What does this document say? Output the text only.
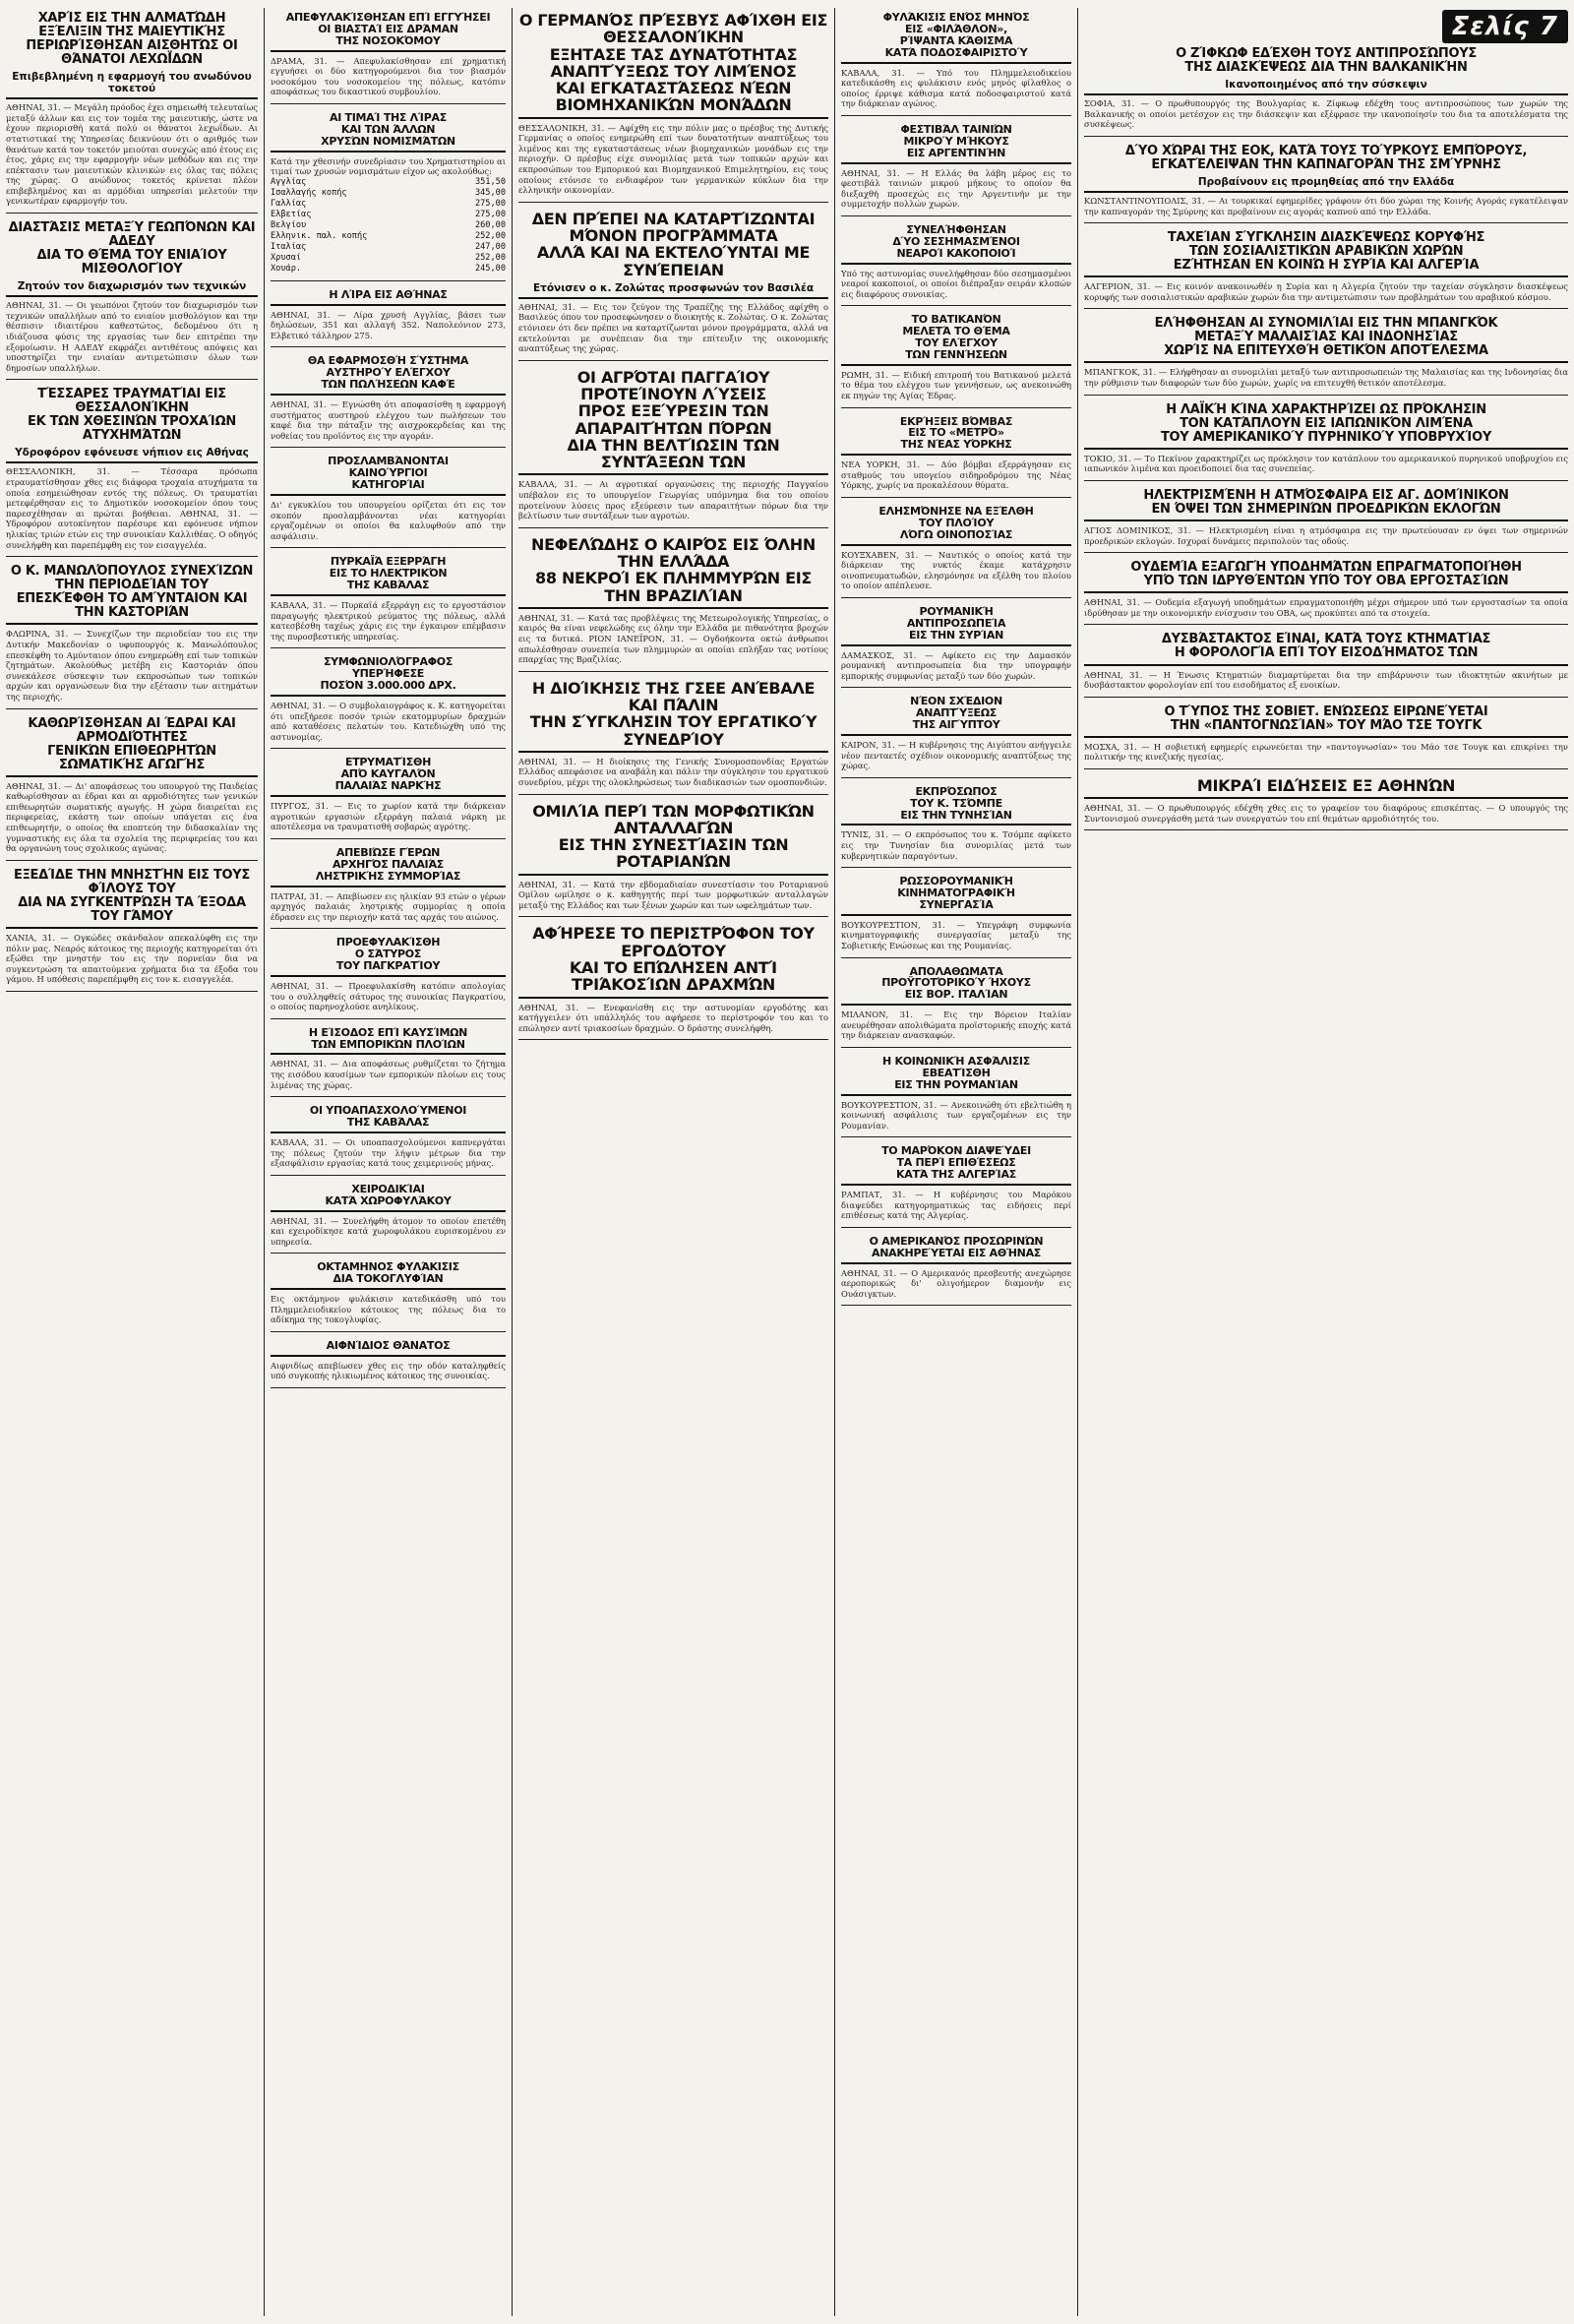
ΧΑΡΊΣ ΕΙΣ ΤΗΝ ΑΛΜΑΤΏΔΗ ΕΞΈΛΙΞΙΝ ΤΗΣ ΜΑΙΕΥΤΙΚΉΣ
ΠΕΡΙΩΡΊΣΘΗΣΑΝ ΑΙΣΘΗΤΏΣ ΟΙ ΘΆΝΑΤΟΙ ΛΕΧΩΪ́ΔΩΝ
Επιβεβλημένη η εφαρμογή του ανωδύνου τοκετού

ΑΘΗΝΑΙ, 31. — Μεγάλη πρόοδος έχει σημειωθή τελευταίως μεταξύ άλλων και εις τον τομέα της μαιευτικής, ώστε να έχουν περιορισθή κατά πολύ οι θάνατοι λεχωΐδων. Αι στατιστικαί της Υπηρεσίας δεικνύουν ότι ο αριθμός των θανάτων κατά τον τοκετόν μειούται συνεχώς από έτους εις έτος, χάρις εις την εφαρμογήν νέων μεθόδων και εις την επέκτασιν των μαιευτικών κλινικών εις όλας τας πόλεις της χώρας. Ο ανώδυνος τοκετός κρίνεται πλέον επιβεβλημένος και αι αρμόδιαι υπηρεσίαι μελετούν την γενικωτέραν εφαρμογήν του.

ΔΙΑΣΤΆΣΙΣ ΜΕΤΑΞΎ ΓΕΩΠΌΝΩΝ ΚΑΙ ΑΔΕΔΥ
ΔΙΑ ΤΟ ΘΈΜΑ ΤΟΥ ΕΝΙΑΊΟΥ ΜΙΣΘΟΛΟΓΊΟΥ
Ζητούν τον διαχωρισμόν των τεχνικών

ΑΘΗΝΑΙ, 31. — Οι γεωπόνοι ζητούν τον διαχωρισμόν των τεχνικών υπαλλήλων από το ενιαίον μισθολόγιον και την θέσπισιν ιδιαιτέρου καθεστώτος, δεδομένου ότι η ιδιάζουσα φύσις της εργασίας των δεν επιτρέπει την εξομοίωσιν. Η ΑΔΕΔΥ εκφράζει αντιθέτους απόψεις και υποστηρίζει την ενιαίαν αντιμετώπισιν όλων των δημοσίων υπαλλήλων.

ΤΈΣΣΑΡΕΣ ΤΡΑΥΜΑΤΊΑΙ ΕΙΣ ΘΕΣΣΑΛΟΝΊΚΗΝ
ΕΚ ΤΩΝ ΧΘΕΣΙΝΏΝ ΤΡΟΧΑΊΩΝ ΑΤΥΧΗΜΆΤΩΝ
Υδροφόρον εφόνευσε νήπιον εις Αθήνας

ΘΕΣΣΑΛΟΝΙΚΗ, 31. — Τέσσαρα πρόσωπα ετραυματίσθησαν χθες εις διάφορα τροχαία ατυχήματα τα οποία εσημειώθησαν εντός της πόλεως. Οι τραυματίαι μετεφέρθησαν εις το Δημοτικόν νοσοκομείον όπου τους παρεσχέθησαν αι πρώται βοήθειαι. ΑΘΗΝΑΙ, 31. — Υδροφόρον αυτοκίνητον παρέσυρε και εφόνευσε νήπιον ηλικίας τριών ετών εις την συνοικίαν Καλλιθέας. Ο οδηγός συνελήφθη και παρεπέμφθη εις τον εισαγγελέα.

Ο Κ. ΜΑΝΩΛΌΠΟΥΛΟΣ ΣΥΝΕΧΊΖΩΝ ΤΗΝ ΠΕΡΙΟΔΕΊΑΝ ΤΟΥ
ΕΠΕΣΚΈΦΘΗ ΤΟ ΑΜΎΝΤΑΙΟΝ ΚΑΙ ΤΗΝ ΚΑΣΤΟΡΙΆΝ

ΦΛΩΡΙΝΑ, 31. — Συνεχίζων την περιοδείαν του εις την Δυτικήν Μακεδονίαν ο υφυπουργός κ. Μανωλόπουλος επεσκέφθη το Αμύνταιον όπου ενημερώθη επί των τοπικών ζητημάτων. Ακολούθως μετέβη εις Καστοριάν όπου συνεκάλεσε σύσκεψιν των εκπροσώπων των τοπικών αρχών και οργανώσεων δια την εξέτασιν των αιτημάτων της περιοχής.

ΚΑΘΩΡΊΣΘΗΣΑΝ ΑΙ ΈΔΡΑΙ ΚΑΙ ΑΡΜΟΔΙΌΤΗΤΕΣ
ΓΕΝΙΚΏΝ ΕΠΙΘΕΩΡΗΤΏΝ ΣΩΜΑΤΙΚΉΣ ΑΓΩΓΉΣ

ΑΘΗΝΑΙ, 31. — Δι' αποφάσεως του υπουργού της Παιδείας καθωρίσθησαν αι έδραι και αι αρμοδιότητες των γενικών επιθεωρητών σωματικής αγωγής. Η χώρα διαιρείται εις περιφερείας, εκάστη των οποίων υπάγεται εις ένα επιθεωρητήν, ο οποίος θα εποπτεύη την διδασκαλίαν της γυμναστικής εις όλα τα σχολεία της περιφερείας του και θα οργανώνη τους σχολικούς αγώνας.

ΕΞΕΔΊΔΕ ΤΗΝ ΜΝΗΣΤΉΝ ΕΙΣ ΤΟΥΣ ΦΊΛΟΥΣ ΤΟΥ
ΔΙΑ ΝΑ ΣΥΓΚΕΝΤΡΏΣΗ ΤΑ ΈΞΟΔΑ ΤΟΥ ΓΆΜΟΥ

ΧΑΝΙΑ, 31. — Ογκώδες σκάνδαλον απεκαλύφθη εις την πόλιν μας. Νεαρός κάτοικος της περιοχής κατηγορείται ότι εξώθει την μνηστήν του εις την πορνείαν δια να συγκεντρώση τα απαιτούμενα χρήματα δια τα έξοδα του γάμου. Η υπόθεσις παρεπέμφθη εις τον κ. εισαγγελέα.

ΑΠΕΦΥΛΑΚΊΣΘΗΣΑΝ ΕΠΊ ΕΓΓΥΉΣΕΙ
ΟΙ ΒΙΑΣΤΑΊ ΕΙΣ ΔΡΆΜΑΝ
ΤΗΣ ΝΟΣΟΚΌΜΟΥ

ΔΡΑΜΑ, 31. — Απεφυλακίσθησαν επί χρηματική εγγυήσει οι δύο κατηγορούμενοι δια τον βιασμόν νοσοκόμου του νοσοκομείου της πόλεως, κατόπιν αποφάσεως του δικαστικού συμβουλίου.

ΑΙ ΤΙΜΑΊ ΤΗΣ ΛΊΡΑΣ
ΚΑΙ ΤΩΝ ΆΛΛΩΝ
ΧΡΥΣΏΝ ΝΟΜΙΣΜΆΤΩΝ

Κατά την χθεσινήν συνεδρίασιν του Χρηματιστηρίου αι τιμαί των χρυσών νομισμάτων είχον ως ακολούθως:

Αγγλίας	351,50
Ισαλλαγής κοπής	345,00
Γαλλίας	275,00
Ελβετίας	275,00
Βελγίου	260,00
Ελληνικ. παλ. κοπής	252,00
Ιταλίας	247,00
Χρυσαί	252,00
Χουάρ.	245,00
Η ΛΊΡΑ ΕΙΣ ΑΘΉΝΑΣ

ΑΘΗΝΑΙ, 31. — Λίρα χρυσή Αγγλίας, βάσει των δηλώσεων, 351 και αλλαγή 352. Ναπολεόνιον 273, Ελβετικό τάλληρον 275.

ΘΑ ΕΦΑΡΜΟΣΘΉ ΣΎΣΤΗΜΑ
ΑΥΣΤΗΡΟΎ ΕΛΈΓΧΟΥ
ΤΩΝ ΠΩΛΉΣΕΩΝ ΚΑΦΈ

ΑΘΗΝΑΙ, 31. — Εγνώσθη ότι αποφασίσθη η εφαρμογή συστήματος αυστηρού ελέγχου των πωλήσεων του καφέ δια την πάταξιν της αισχροκερδείας και της νοθείας του προϊόντος εις την αγοράν.

ΠΡΟΣΛΑΜΒΆΝΟΝΤΑΙ
ΚΑΙΝΟΎΡΓΙΟΙ
ΚΑΤΗΓΟΡΊΑΙ

Δι' εγκυκλίου του υπουργείου ορίζεται ότι εις τον σκοπόν προσλαμβάνονται νέαι κατηγορίαι εργαζομένων οι οποίοι θα καλυφθούν από την ασφάλισιν.

ΠΥΡΚΑΪΆ ΕΞΕΡΡΆΓΗ
ΕΙΣ ΤΟ ΗΛΕΚΤΡΙΚΌΝ
ΤΗΣ ΚΑΒΆΛΑΣ

ΚΑΒΑΛΑ, 31. — Πυρκαϊά εξερράγη εις το εργοστάσιον παραγωγής ηλεκτρικού ρεύματος της πόλεως, αλλά κατεσβέσθη ταχέως χάρις εις την έγκαιρον επέμβασιν της πυροσβεστικής υπηρεσίας.

ΣΥΜΦΩΝΙΟΛΌΓΡΑΦΟΣ
ΥΠΕΡΉΦΕΣΕ
ΠΟΣΌΝ 3.000.000 ΔΡΧ.

ΑΘΗΝΑΙ, 31. — Ο συμβολαιογράφος κ. Κ. κατηγορείται ότι υπεξήρεσε ποσόν τριών εκατομμυρίων δραχμών από καταθέσεις πελατών του. Κατεδιώχθη υπό της αστυνομίας.

ΕΤΡΥΜΑΤΊΣΘΗ
ΑΠΌ ΚΑΥΓΑΛΌΝ
ΠΑΛΑΙΆΣ ΝΑΡΚΉΣ

ΠΥΡΓΟΣ, 31. — Εις το χωρίον κατά την διάρκειαν αγροτικών εργασιών εξερράγη παλαιά νάρκη με αποτέλεσμα να τραυματισθή σοβαρώς αγρότης.

ΑΠΕΒΙΏΣΕ ΓΈΡΩΝ
ΑΡΧΗΓΌΣ ΠΑΛΑΙΆΣ
ΛΗΣΤΡΙΚΉΣ ΣΥΜΜΟΡΊΑΣ

ΠΑΤΡΑΙ, 31. — Απεβίωσεν εις ηλικίαν 93 ετών ο γέρων αρχηγός παλαιάς ληστρικής συμμορίας η οποία έδρασεν εις την περιοχήν κατά τας αρχάς του αιώνος.

ΠΡΟΕΦΥΛΑΚΊΣΘΗ
Ο ΣΆΤΥΡΟΣ
ΤΟΥ ΠΑΓΚΡΑΤΊΟΥ

ΑΘΗΝΑΙ, 31. — Προεφυλακίσθη κατόπιν απολογίας του ο συλληφθείς σάτυρος της συνοικίας Παγκρατίου, ο οποίος παρηνοχλούσε ανηλίκους.

Η ΕΊΣΟΔΟΣ ΕΠΊ ΚΑΥΣΊΜΩΝ
ΤΩΝ ΕΜΠΟΡΙΚΏΝ ΠΛΟΊΩΝ

ΑΘΗΝΑΙ, 31. — Δια αποφάσεως ρυθμίζεται το ζήτημα της εισόδου καυσίμων των εμπορικών πλοίων εις τους λιμένας της χώρας.

ΟΙ ΥΠΟΑΠΑΣΧΟΛΟΎΜΕΝΟΙ
ΤΗΣ ΚΑΒΆΛΑΣ

ΚΑΒΑΛΑ, 31. — Οι υποαπασχολούμενοι καπνεργάται της πόλεως ζητούν την λήψιν μέτρων δια την εξασφάλισιν εργασίας κατά τους χειμερινούς μήνας.

ΧΕΙΡΟΔΙΚΊΑΙ
ΚΑΤΆ ΧΩΡΟΦΥΛΆΚΟΥ

ΑΘΗΝΑΙ, 31. — Συνελήφθη άτομον το οποίον επετέθη και εχειροδίκησε κατά χωροφυλάκου ευρισκομένου εν υπηρεσία.

ΟΚΤΑΜΗΝΟΣ ΦΥΛΆΚΙΣΙΣ
ΔΙΑ ΤΟΚΟΓΛΥΦΊΑΝ

Εις οκτάμηνον φυλάκισιν κατεδικάσθη υπό του Πλημμελειοδικείου κάτοικος της πόλεως δια το αδίκημα της τοκογλυφίας.

ΑΙΦΝΊΔΙΟΣ ΘΆΝΑΤΟΣ

Αιφνιδίως απεβίωσεν χθες εις την οδόν καταληφθείς υπό συγκοπής ηλικιωμένος κάτοικος της συνοικίας.

Ο ΓΕΡΜΑΝΌΣ ΠΡΈΣΒΥΣ ΑΦΊΧΘΗ ΕΙΣ ΘΕΣΣΑΛΟΝΊΚΗΝ
ΕΞΗΤΑΣΕ ΤΑΣ ΔΥΝΑΤΌΤΗΤΑΣ ΑΝΑΠΤΎΞΕΩΣ ΤΟΥ ΛΙΜΈΝΟΣ
ΚΑΙ ΕΓΚΑΤΑΣΤΆΣΕΩΣ ΝΈΩΝ ΒΙΟΜΗΧΑΝΙΚΏΝ ΜΟΝΆΔΩΝ

ΘΕΣΣΑΛΟΝΙΚΗ, 31. — Αφίχθη εις την πόλιν μας ο πρέσβυς της Δυτικής Γερμανίας ο οποίος ενημερώθη επί των δυνατοτήτων αναπτύξεως του λιμένος και της εγκαταστάσεως νέων βιομηχανικών μονάδων εις την περιοχήν. Ο πρέσβυς είχε συνομιλίας μετά των τοπικών αρχών και εκπροσώπων του Εμπορικού και Βιομηχανικού Επιμελητηρίου, εις τους οποίους ετόνισε το ενδιαφέρον των γερμανικών κύκλων δια την ελληνικήν οικονομίαν.

ΔΕΝ ΠΡΈΠΕΙ ΝΑ ΚΑΤΑΡΤΊΖΩΝΤΑΙ ΜΌΝΟΝ ΠΡΟΓΡΆΜΜΑΤΑ
ΑΛΛΆ ΚΑΙ ΝΑ ΕΚΤΕΛΟΎΝΤΑΙ ΜΕ ΣΥΝΈΠΕΙΑΝ
Ετόνισεν ο κ. Ζολώτας προσφωνών τον Βασιλέα

ΑΘΗΝΑΙ, 31. — Εις τον ζεύγον της Τραπέζης της Ελλάδος αφίχθη ο Βασιλεύς όπου τον προσεφώνησεν ο διοικητής κ. Ζολώτας. Ο κ. Ζολώτας ετόνισεν ότι δεν πρέπει να καταρτίζωνται μόνον προγράμματα, αλλά να εκτελούνται με συνέπειαν δια την επίτευξιν της οικονομικής αναπτύξεως της χώρας.

ΟΙ ΑΓΡΌΤΑΙ ΠΑΓΓΑΊΟΥ ΠΡΟΤΕΊΝΟΥΝ ΛΎΣΕΙΣ
ΠΡΟΣ ΕΞΕΎΡΕΣΙΝ ΤΩΝ ΑΠΑΡΑΙΤΉΤΩΝ ΠΌΡΩΝ
ΔΙΑ ΤΗΝ ΒΕΛΤΊΩΣΙΝ ΤΩΝ ΣΥΝΤΆΞΕΩΝ ΤΩΝ

ΚΑΒΑΛΑ, 31. — Αι αγροτικαί οργανώσεις της περιοχής Παγγαίου υπέβαλον εις το υπουργείον Γεωργίας υπόμνημα δια του οποίου προτείνουν λύσεις προς εξεύρεσιν των απαραιτήτων πόρων δια την βελτίωσιν των συντάξεων των αγροτών.

ΝΕΦΕΛΏΔΗΣ Ο ΚΑΙΡΌΣ ΕΙΣ ΌΛΗΝ ΤΗΝ ΕΛΛΆΔΑ
88 ΝΕΚΡΟΊ ΕΚ ΠΛΗΜΜΥΡΏΝ ΕΙΣ ΤΗΝ ΒΡΑΖΙΛΊΑΝ

ΑΘΗΝΑΙ, 31. — Κατά τας προβλέψεις της Μετεωρολογικής Υπηρεσίας, ο καιρός θα είναι νεφελώδης εις όλην την Ελλάδα με πιθανότητα βροχών εις τα δυτικά. ΡΙΟΝ ΙΑΝΕΪΡΟΝ, 31. — Ογδοήκοντα οκτώ άνθρωποι απωλέσθησαν συνεπεία των πλημμυρών αι οποίαι επλήξαν τας νοτίους επαρχίας της Βραζιλίας.

Η ΔΙΟΊΚΗΣΙΣ ΤΗΣ ΓΣΕΕ ΑΝΈΒΑΛΕ ΚΑΙ ΠΆΛΙΝ
ΤΗΝ ΣΎΓΚΛΗΣΙΝ ΤΟΥ ΕΡΓΑΤΙΚΟΎ ΣΥΝΕΔΡΊΟΥ

ΑΘΗΝΑΙ, 31. — Η διοίκησις της Γενικής Συνομοσπονδίας Εργατών Ελλάδος απεφάσισε να αναβάλη και πάλιν την σύγκλησιν του εργατικού συνεδρίου, μέχρι της ολοκληρώσεως των διαδικασιών των ομοσπονδιών.

ΟΜΙΛΊΑ ΠΕΡΊ ΤΩΝ ΜΟΡΦΩΤΙΚΏΝ ΑΝΤΑΛΛΑΓΏΝ
ΕΙΣ ΤΗΝ ΣΥΝΕΣΤΊΑΣΙΝ ΤΩΝ ΡΟΤΑΡΙΑΝΏΝ

ΑΘΗΝΑΙ, 31. — Κατά την εβδομαδιαίαν συνεστίασιν του Ροταριανού Ομίλου ωμίλησε ο κ. καθηγητής περί των μορφωτικών ανταλλαγών μεταξύ της Ελλάδος και των ξένων χωρών και των ωφελημάτων των.

ΑΦΉΡΕΣΕ ΤΟ ΠΕΡΙΣΤΡΌΦΟΝ ΤΟΥ ΕΡΓΟΔΌΤΟΥ
ΚΑΙ ΤΟ ΕΠΏΛΗΣΕΝ ΑΝΤΊ ΤΡΙΆΚΟΣΊΩΝ ΔΡΑΧΜΏΝ

ΑΘΗΝΑΙ, 31. — Ενεφανίσθη εις την αστυνομίαν εργοδότης και κατήγγειλεν ότι υπάλληλός του αφήρεσε το περίστροφόν του και το επώλησεν αντί τριακοσίων δραχμών. Ο δράστης συνελήφθη.

ΦΥΛΆΚΙΣΙΣ ΕΝΌΣ ΜΗΝΌΣ
ΕΙΣ «ΦΙΛΆΘΛΟΝ»,
ΡΊΨΑΝΤΑ ΚΆΘΙΣΜΑ
ΚΑΤΆ ΠΟΔΟΣΦΑΙΡΙΣΤΟΎ

ΚΑΒΑΛΑ, 31. — Υπό του Πλημμελειοδικείου κατεδικάσθη εις φυλάκισιν ενός μηνός φίλαθλος ο οποίος έρριψε κάθισμα κατά ποδοσφαιριστού κατά την διάρκειαν αγώνος.

ΦΕΣΤΙΒΆΛ ΤΑΙΝΙΏΝ
ΜΙΚΡΟΎ ΜΉΚΟΥΣ
ΕΙΣ ΑΡΓΕΝΤΙΝΉΝ

ΑΘΗΝΑΙ, 31. — Η Ελλάς θα λάβη μέρος εις το φεστιβάλ ταινιών μικρού μήκους το οποίον θα διεξαχθή προσεχώς εις την Αργεντινήν με την συμμετοχήν πολλών χωρών.

ΣΥΝΕΛΉΦΘΗΣΑΝ
ΔΎΟ ΣΕΣΗΜΑΣΜΈΝΟΙ
ΝΕΑΡΟΊ ΚΑΚΟΠΟΙΟΊ

Υπό της αστυνομίας συνελήφθησαν δύο σεσημασμένοι νεαροί κακοποιοί, οι οποίοι διέπραξαν σειράν κλοπών εις διαφόρους συνοικίας.

ΤΟ ΒΑΤΙΚΑΝΌΝ
ΜΕΛΕΤΆ ΤΟ ΘΈΜΑ
ΤΟΥ ΕΛΈΓΧΟΥ
ΤΩΝ ΓΕΝΝΉΣΕΩΝ

ΡΩΜΗ, 31. — Ειδική επιτροπή του Βατικανού μελετά το θέμα του ελέγχου των γεννήσεων, ως ανεκοινώθη εκ πηγών της Αγίας Έδρας.

ΕΚΡΉΞΕΙΣ ΒΌΜΒΑΣ
ΕΙΣ ΤΟ «ΜΕΤΡΌ»
ΤΗΣ ΝΈΑΣ ΥΌΡΚΗΣ

ΝΕΑ ΥΟΡΚΗ, 31. — Δύο βόμβαι εξερράγησαν εις σταθμούς του υπογείου σιδηροδρόμου της Νέας Υόρκης, χωρίς να προκαλέσουν θύματα.

ΕΛΗΣΜΌΝΗΣΕ ΝΑ ΕΞΈΛΘΗ
ΤΟΥ ΠΛΟΊΟΥ
ΛΌΓΩ ΟΙΝΟΠΟΣΊΑΣ

ΚΟΥΞΧΑΒΕΝ, 31. — Ναυτικός ο οποίος κατά την διάρκειαν της νυκτός έκαμε κατάχρησιν οινοπνευματωδών, ελησμόνησε να εξέλθη του πλοίου το οποίον απέπλευσε.

ΡΟΥΜΑΝΙΚΉ
ΑΝΤΙΠΡΟΣΩΠΕΊΑ
ΕΙΣ ΤΗΝ ΣΥΡΊΑΝ

ΔΑΜΑΣΚΟΣ, 31. — Αφίκετο εις την Δαμασκόν ρουμανική αντιπροσωπεία δια την υπογραφήν εμπορικής συμφωνίας μεταξύ των δύο χωρών.

ΝΈΟΝ ΣΧΈΔΙΟΝ
ΑΝΑΠΤΎΞΕΩΣ
ΤΗΣ ΑΙΓΎΠΤΟΥ

ΚΑΙΡΟΝ, 31. — Η κυβέρνησις της Αιγύπτου ανήγγειλε νέον πενταετές σχέδιον οικονομικής αναπτύξεως της χώρας.

ΕΚΠΡΌΣΩΠΟΣ
ΤΟΥ Κ. ΤΣΌΜΠΕ
ΕΙΣ ΤΗΝ ΤΥΝΗΣΊΑΝ

ΤΥΝΙΣ, 31. — Ο εκπρόσωπος του κ. Τσόμπε αφίκετο εις την Τυνησίαν δια συνομιλίας μετά των κυβερνητικών παραγόντων.

ΡΩΣΣΟΡΟΥΜΑΝΙΚΉ
ΚΙΝΗΜΑΤΟΓΡΑΦΙΚΉ
ΣΥΝΕΡΓΑΣΊΑ

ΒΟΥΚΟΥΡΕΣΤΙΟΝ, 31. — Υπεγράφη συμφωνία κινηματογραφικής συνεργασίας μεταξύ της Σοβιετικής Ενώσεως και της Ρουμανίας.

ΑΠΟΛΑΘΩΜΑΤΑ
ΠΡΟΫΓΟΤΌΡΙΚΟΎ ΉΧΟΥΣ
ΕΙΣ ΒΟΡ. ΙΤΑΛΊΑΝ

ΜΙΛΑΝΟΝ, 31. — Εις την Βόρειον Ιταλίαν ανευρέθησαν απολιθώματα προϊστορικής εποχής κατά την διάρκειαν ανασκαφών.

Η ΚΟΙΝΩΝΙΚΉ ΑΣΦΆΛΙΣΙΣ
ΕΒΕΑΤΊΣΘΗ
ΕΙΣ ΤΗΝ ΡΟΥΜΑΝΊΑΝ

ΒΟΥΚΟΥΡΕΣΤΙΟΝ, 31. — Ανεκοινώθη ότι εβελτιώθη η κοινωνική ασφάλισις των εργαζομένων εις την Ρουμανίαν.

ΤΟ ΜΑΡΌΚΟΝ ΔΙΑΨΕΎΔΕΙ
ΤΑ ΠΕΡΊ ΕΠΙΘΈΣΕΩΣ
ΚΑΤΆ ΤΗΣ ΑΛΓΕΡΊΑΣ

ΡΑΜΠΑΤ, 31. — Η κυβέρνησις του Μαρόκου διαψεύδει κατηγορηματικώς τας ειδήσεις περί επιθέσεως κατά της Αλγερίας.

Ο ΑΜΕΡΙΚΑΝΌΣ ΠΡΟΣΩΡΙΝΏΝ
ΑΝΑΚΗΡΕΎΕΤΑΙ ΕΙΣ ΑΘΉΝΑΣ

ΑΘΗΝΑΙ, 31. — Ο Αμερικανός πρεσβευτής ανεχώρησε αεροπορικώς δι' ολιγοήμερον διαμονήν εις Ουάσιγκτων.

Σελίς 7
Ο ΖΊΦΚΩΦ ΕΔΈΧΘΗ ΤΟΥΣ ΑΝΤΙΠΡΟΣΏΠΟΥΣ
ΤΗΣ ΔΙΑΣΚΈΨΕΩΣ ΔΙΑ ΤΗΝ ΒΑΛΚΑΝΙΚΉΝ
Ικανοποιημένος από την σύσκεψιν

ΣΟΦΙΑ, 31. — Ο πρωθυπουργός της Βουλγαρίας κ. Ζίφκωφ εδέχθη τους αντιπροσώπους των χωρών της Βαλκανικής οι οποίοι μετέσχον εις την διάσκεψιν και εξέφρασε την ικανοποίησίν του δια τα αποτελέσματα της συσκέψεως.

ΔΎΟ ΧΏΡΑΙ ΤΗΣ ΕΟΚ, ΚΑΤΆ ΤΟΥΣ ΤΟΎΡΚΟΥΣ ΕΜΠΌΡΟΥΣ,
ΕΓΚΑΤΈΛΕΙΨΑΝ ΤΗΝ ΚΑΠΝΑΓΟΡΆΝ ΤΗΣ ΣΜΎΡΝΗΣ
Προβαίνουν εις προμηθείας από την Ελλάδα

ΚΩΝΣΤΑΝΤΙΝΟΥΠΟΛΙΣ, 31. — Αι τουρκικαί εφημερίδες γράφουν ότι δύο χώραι της Κοινής Αγοράς εγκατέλειψαν την καπναγοράν της Σμύρνης και προβαίνουν εις αγοράς καπνού από την Ελλάδα.

ΤΑΧΕΊΑΝ ΣΎΓΚΛΗΣΙΝ ΔΙΑΣΚΈΨΕΩΣ ΚΟΡΥΦΉΣ
ΤΩΝ ΣΟΣΙΑΛΙΣΤΙΚΏΝ ΑΡΑΒΙΚΏΝ ΧΩΡΏΝ
ΕΖΉΤΗΣΑΝ ΕΝ ΚΟΙΝΏ Η ΣΥΡΊΑ ΚΑΙ ΑΛΓΕΡΊΑ

ΑΛΓΕΡΙΟΝ, 31. — Εις κοινόν ανακοινωθέν η Συρία και η Αλγερία ζητούν την ταχείαν σύγκλησιν διασκέψεως κορυφής των σοσιαλιστικών αραβικών χωρών δια την αντιμετώπισιν των προβλημάτων του αραβικού κόσμου.

ΕΛΉΦΘΗΣΑΝ ΑΙ ΣΥΝΟΜΙΛΊΑΙ ΕΙΣ ΤΗΝ ΜΠΑΝΓΚΌΚ
ΜΕΤΑΞΎ ΜΑΛΑΙΣΊΑΣ ΚΑΙ ΙΝΔΟΝΗΣΊΑΣ
ΧΩΡΊΣ ΝΑ ΕΠΙΤΕΥΧΘΉ ΘΕΤΙΚΌΝ ΑΠΟΤΈΛΕΣΜΑ

ΜΠΑΝΓΚΟΚ, 31. — Ελήφθησαν αι συνομιλίαι μεταξύ των αντιπροσωπειών της Μαλαισίας και της Ινδονησίας δια την ρύθμισιν των διαφορών των δύο χωρών, χωρίς να επιτευχθή θετικόν αποτέλεσμα.

Η ΛΑΪΚΉ ΚΊΝΑ ΧΑΡΑΚΤΗΡΊΖΕΙ ΩΣ ΠΡΌΚΛΗΣΙΝ
ΤΟΝ ΚΑΤΆΠΛΟΥΝ ΕΙΣ ΙΑΠΩΝΙΚΌΝ ΛΙΜΈΝΑ
ΤΟΥ ΑΜΕΡΙΚΑΝΙΚΟΎ ΠΥΡΗΝΙΚΟΎ ΥΠΟΒΡΥΧΊΟΥ

ΤΟΚΙΟ, 31. — Το Πεκίνον χαρακτηρίζει ως πρόκλησιν τον κατάπλουν του αμερικανικού πυρηνικού υποβρυχίου εις ιαπωνικόν λιμένα και προειδοποιεί δια τας συνεπείας.

ΗΛΕΚΤΡΙΣΜΈΝΗ Η ΑΤΜΌΣΦΑΙΡΑ ΕΙΣ ΑΓ. ΔΟΜΊΝΙΚΟΝ
ΕΝ ΌΨΕΙ ΤΩΝ ΣΗΜΕΡΙΝΏΝ ΠΡΟΕΔΡΙΚΏΝ ΕΚΛΟΓΏΝ

ΑΓΙΟΣ ΔΟΜΙΝΙΚΟΣ, 31. — Ηλεκτρισμένη είναι η ατμόσφαιρα εις την πρωτεύουσαν εν όψει των σημερινών προεδρικών εκλογών. Ισχυραί δυνάμεις περιπολούν τας οδούς.

ΟΥΔΕΜΊΑ ΕΞΑΓΩΓΉ ΥΠΟΔΗΜΆΤΩΝ ΕΠΡΑΓΜΑΤΟΠΟΙΉΘΗ
ΥΠΌ ΤΩΝ ΙΔΡΥΘΈΝΤΩΝ ΥΠΌ ΤΟΥ ΟΒΑ ΕΡΓΟΣΤΑΣΊΩΝ

ΑΘΗΝΑΙ, 31. — Ουδεμία εξαγωγή υποδημάτων επραγματοποιήθη μέχρι σήμερον υπό των εργοστασίων τα οποία ιδρύθησαν με την οικονομικήν ενίσχυσιν του ΟΒΑ, ως προκύπτει από τα στοιχεία.

ΔΥΣΒΆΣΤΑΚΤΟΣ ΕΊΝΑΙ, ΚΑΤΆ ΤΟΥΣ ΚΤΗΜΑΤΊΑΣ
Η ΦΟΡΟΛΟΓΊΑ ΕΠΊ ΤΟΥ ΕΙΣΟΔΉΜΑΤΟΣ ΤΩΝ

ΑΘΗΝΑΙ, 31. — Η Ένωσις Κτηματιών διαμαρτύρεται δια την επιβάρυνσιν των ιδιοκτητών ακινήτων με δυσβάστακτον φορολογίαν επί του εισοδήματος εξ ενοικίων.

Ο ΤΎΠΟΣ ΤΗΣ ΣΟΒΙΕΤ. ΕΝΏΣΕΩΣ ΕΙΡΩΝΕΎΕΤΑΙ
ΤΗΝ «ΠΑΝΤΟΓΝΩΣΊΑΝ» ΤΟΥ ΜΆΟ ΤΣΕ ΤΟΥΓΚ

ΜΟΣΧΑ, 31. — Η σοβιετική εφημερίς ειρωνεύεται την «παντογνωσίαν» του Μάο τσε Τουγκ και επικρίνει την πολιτικήν της κινεζικής ηγεσίας.

ΜΙΚΡΑΊ ΕΙΔΉΣΕΙΣ ΕΞ ΑΘΗΝΏΝ

ΑΘΗΝΑΙ, 31. — Ο πρωθυπουργός εδέχθη χθες εις το γραφείον του διαφόρους επισκέπτας. — Ο υπουργός της Συντονισμού συνεργάσθη μετά των συνεργατών του επί θεμάτων αρμοδιότητός του.
